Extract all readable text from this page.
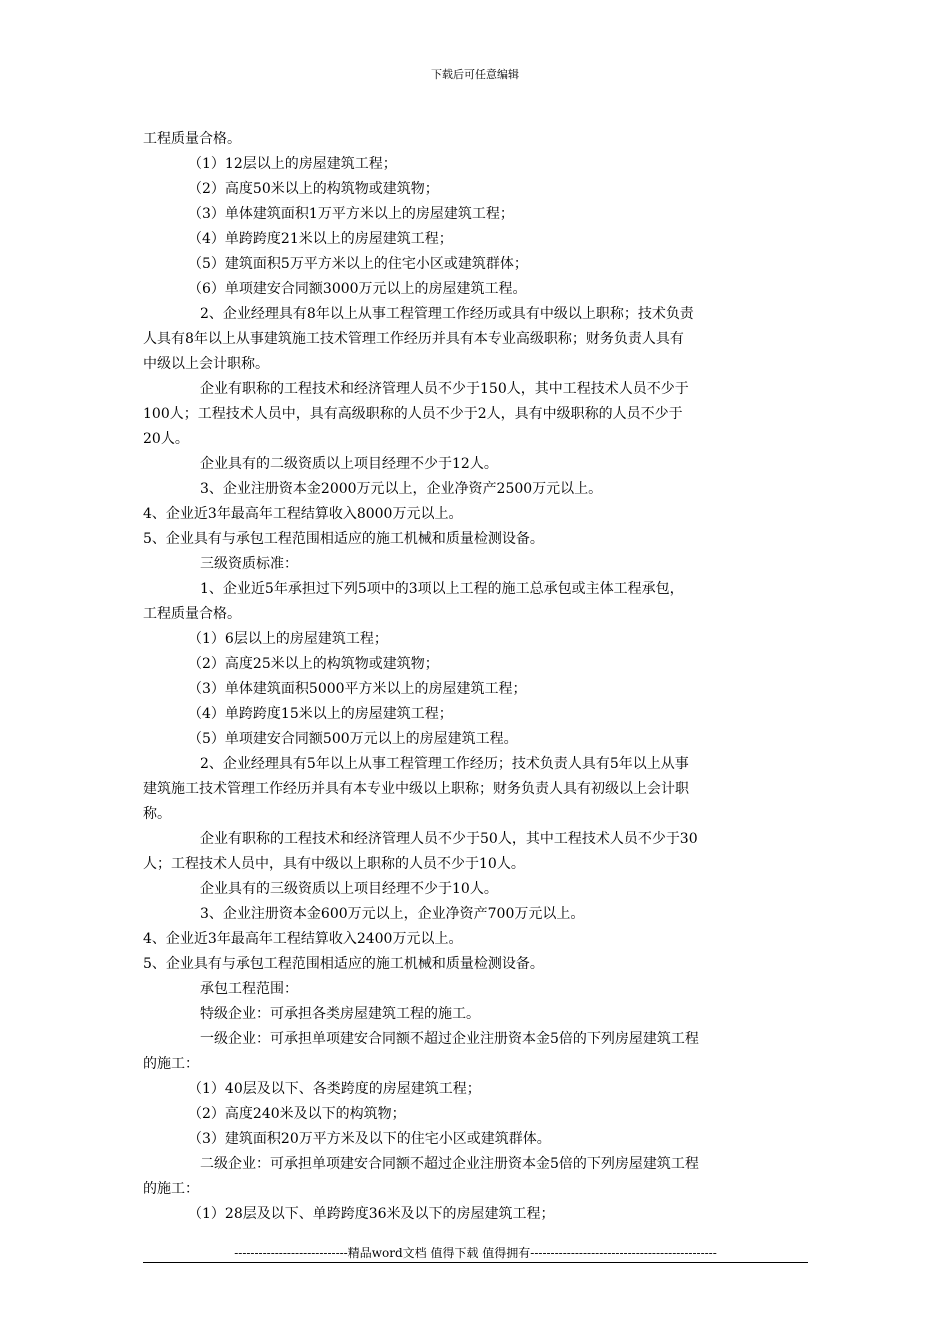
下载后可任意编辑
工程质量合格。
（1）12层以上的房屋建筑工程；
（2）高度50米以上的构筑物或建筑物；
（3）单体建筑面积1万平方米以上的房屋建筑工程；
（4）单跨跨度21米以上的房屋建筑工程；
（5）建筑面积5万平方米以上的住宅小区或建筑群体；
（6）单项建安合同额3000万元以上的房屋建筑工程。
2、企业经理具有8年以上从事工程管理工作经历或具有中级以上职称；技术负责
人具有8年以上从事建筑施工技术管理工作经历并具有本专业高级职称；财务负责人具有
中级以上会计职称。
企业有职称的工程技术和经济管理人员不少于150人，其中工程技术人员不少于
100人；工程技术人员中，具有高级职称的人员不少于2人，具有中级职称的人员不少于
20人。
企业具有的二级资质以上项目经理不少于12人。
3、企业注册资本金2000万元以上，企业净资产2500万元以上。
4、企业近3年最高年工程结算收入8000万元以上。
5、企业具有与承包工程范围相适应的施工机械和质量检测设备。
三级资质标准：
1、企业近5年承担过下列5项中的3项以上工程的施工总承包或主体工程承包，
工程质量合格。
（1）6层以上的房屋建筑工程；
（2）高度25米以上的构筑物或建筑物；
（3）单体建筑面积5000平方米以上的房屋建筑工程；
（4）单跨跨度15米以上的房屋建筑工程；
（5）单项建安合同额500万元以上的房屋建筑工程。
2、企业经理具有5年以上从事工程管理工作经历；技术负责人具有5年以上从事
建筑施工技术管理工作经历并具有本专业中级以上职称；财务负责人具有初级以上会计职
称。
企业有职称的工程技术和经济管理人员不少于50人，其中工程技术人员不少于30
人；工程技术人员中，具有中级以上职称的人员不少于10人。
企业具有的三级资质以上项目经理不少于10人。
3、企业注册资本金600万元以上，企业净资产700万元以上。
4、企业近3年最高年工程结算收入2400万元以上。
5、企业具有与承包工程范围相适应的施工机械和质量检测设备。
承包工程范围：
特级企业：可承担各类房屋建筑工程的施工。
一级企业：可承担单项建安合同额不超过企业注册资本金5倍的下列房屋建筑工程
的施工：
（1）40层及以下、各类跨度的房屋建筑工程；
（2）高度240米及以下的构筑物；
（3）建筑面积20万平方米及以下的住宅小区或建筑群体。
二级企业：可承担单项建安合同额不超过企业注册资本金5倍的下列房屋建筑工程
的施工：
（1）28层及以下、单跨跨度36米及以下的房屋建筑工程；
----------------------------精品word文档 值得下载 值得拥有----------------------------------------------
